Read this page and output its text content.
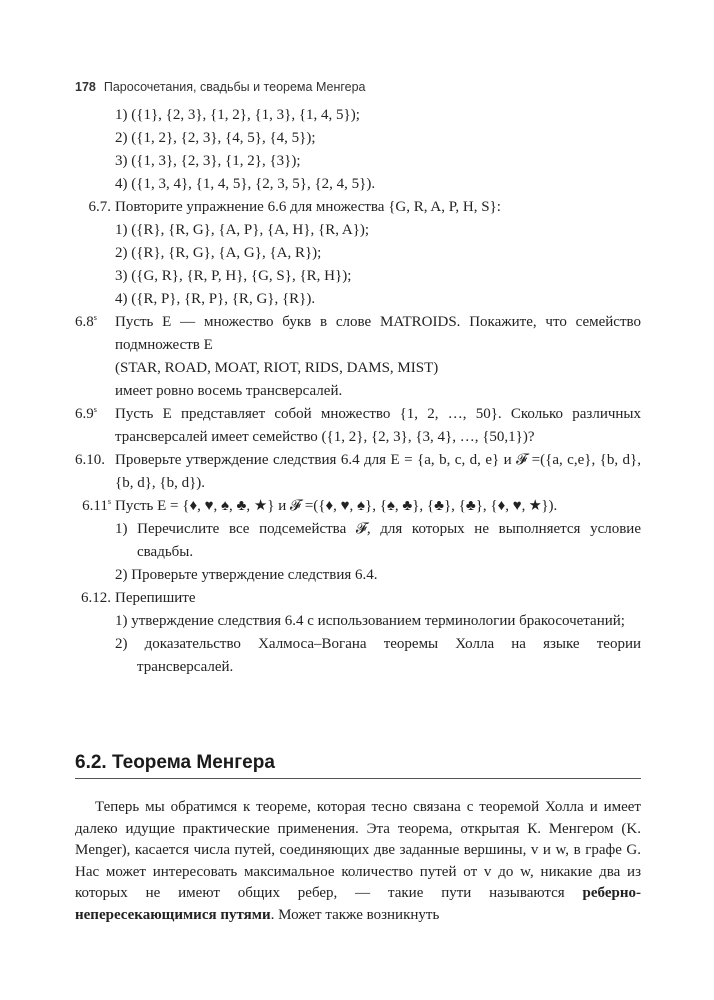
178 Паросочетания, свадьбы и теорема Менгера
1) ({1}, {2, 3}, {1, 2}, {1, 3}, {1, 4, 5});
2) ({1, 2}, {2, 3}, {4, 5}, {4, 5});
3) ({1, 3}, {2, 3}, {1, 2}, {3});
4) ({1, 3, 4}, {1, 4, 5}, {2, 3, 5}, {2, 4, 5}).
6.7. Повторите упражнение 6.6 для множества {G, R, A, P, H, S}:
1) ({R}, {R, G}, {A, P}, {A, H}, {R, A});
2) ({R}, {R, G}, {A, G}, {A, R});
3) ({G, R}, {R, P, H}, {G, S}, {R, H});
4) ({R, P}, {R, P}, {R, G}, {R}).
6.8$^s$	Пусть E — множество букв в слове MATROIDS. Покажите, что семейство подмножеств E
(STAR, ROAD, MOAT, RIOT, RIDS, DAMS, MIST)
имеет ровно восемь трансверсалей.
6.9$^s$	Пусть E представляет собой множество {1, 2, …, 50}. Сколько различных трансверсалей имеет семейство ({1, 2}, {2, 3}, {3, 4}, …, {50,1})?
6.10. Проверьте утверждение следствия 6.4 для E = {a, b, c, d, e} и 𝓕 =({a, c,e}, {b, d}, {b, d}, {b, d}).
6.11$^s$ Пусть E = {♦, ♥, ♠, ♣, ★} и 𝓕 =({♦, ♥, ♠}, {♠, ♣}, {♣}, {♣}, {♦, ♥, ★}).
1) Перечислите все подсемейства 𝓕, для которых не выполняется условие свадьбы.
2) Проверьте утверждение следствия 6.4.
6.12. Перепишите
1) утверждение следствия 6.4 с использованием терминологии бракосочетаний;
2) доказательство Халмоса–Вогана теоремы Холла на языке теории трансверсалей.
6.2. Теорема Менгера
Теперь мы обратимся к теореме, которая тесно связана с теоремой Холла и имеет далеко идущие практические применения. Эта теорема, открытая К. Менгером (K. Menger), касается числа путей, соединяющих две заданные вершины, v и w, в графе G. Нас может интересовать максимальное количество путей от v до w, никакие два из которых не имеют общих ребер, — такие пути называются реберно-непересекающимися путями. Может также возникнуть
